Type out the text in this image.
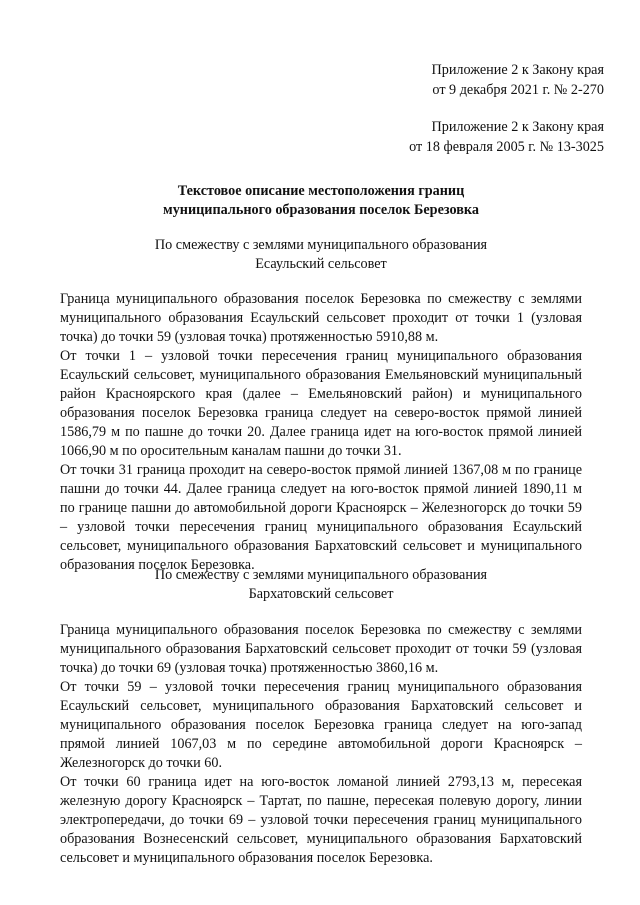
Приложение 2 к Закону края
от 9 декабря 2021 г. № 2-270
Приложение 2 к Закону края
от 18 февраля 2005 г. № 13-3025
Текстовое описание местоположения границ
муниципального образования поселок Березовка
По смежеству с землями муниципального образования
Есаульский сельсовет

Граница муниципального образования поселок Березовка по смежеству с землями муниципального образования Есаульский сельсовет проходит от точки 1 (узловая точка) до точки 59 (узловая точка) протяженностью 5910,88 м.

От точки 1 – узловой точки пересечения границ муниципального образования Есаульский сельсовет, муниципального образования Емельяновский муниципальный район Красноярского края (далее – Емельяновский район) и муниципального образования поселок Березовка граница следует на северо-восток прямой линией 1586,79 м по пашне до точки 20. Далее граница идет на юго-восток прямой линией 1066,90 м по оросительным каналам пашни до точки 31.

От точки 31 граница проходит на северо-восток прямой линией 1367,08 м по границе пашни до точки 44. Далее граница следует на юго-восток прямой линией 1890,11 м по границе пашни до автомобильной дороги Красноярск – Железногорск до точки 59 – узловой точки пересечения границ муниципального образования Есаульский сельсовет, муниципального образования Бархатовский сельсовет и муниципального образования поселок Березовка.

По смежеству с землями муниципального образования
Бархатовский сельсовет

Граница муниципального образования поселок Березовка по смежеству с землями муниципального образования Бархатовский сельсовет проходит от точки 59 (узловая точка) до точки 69 (узловая точка) протяженностью 3860,16 м.

От точки 59 – узловой точки пересечения границ муниципального образования Есаульский сельсовет, муниципального образования Бархатовский сельсовет и муниципального образования поселок Березовка граница следует на юго-запад прямой линией 1067,03 м по середине автомобильной дороги Красноярск – Железногорск до точки 60.

От точки 60 граница идет на юго-восток ломаной линией 2793,13 м, пересекая железную дорогу Красноярск – Тартат, по пашне, пересекая полевую дорогу, линии электропередачи, до точки 69 – узловой точки пересечения границ муниципального образования Вознесенский сельсовет, муниципального образования Бархатовский сельсовет и муниципального образования поселок Березовка.
